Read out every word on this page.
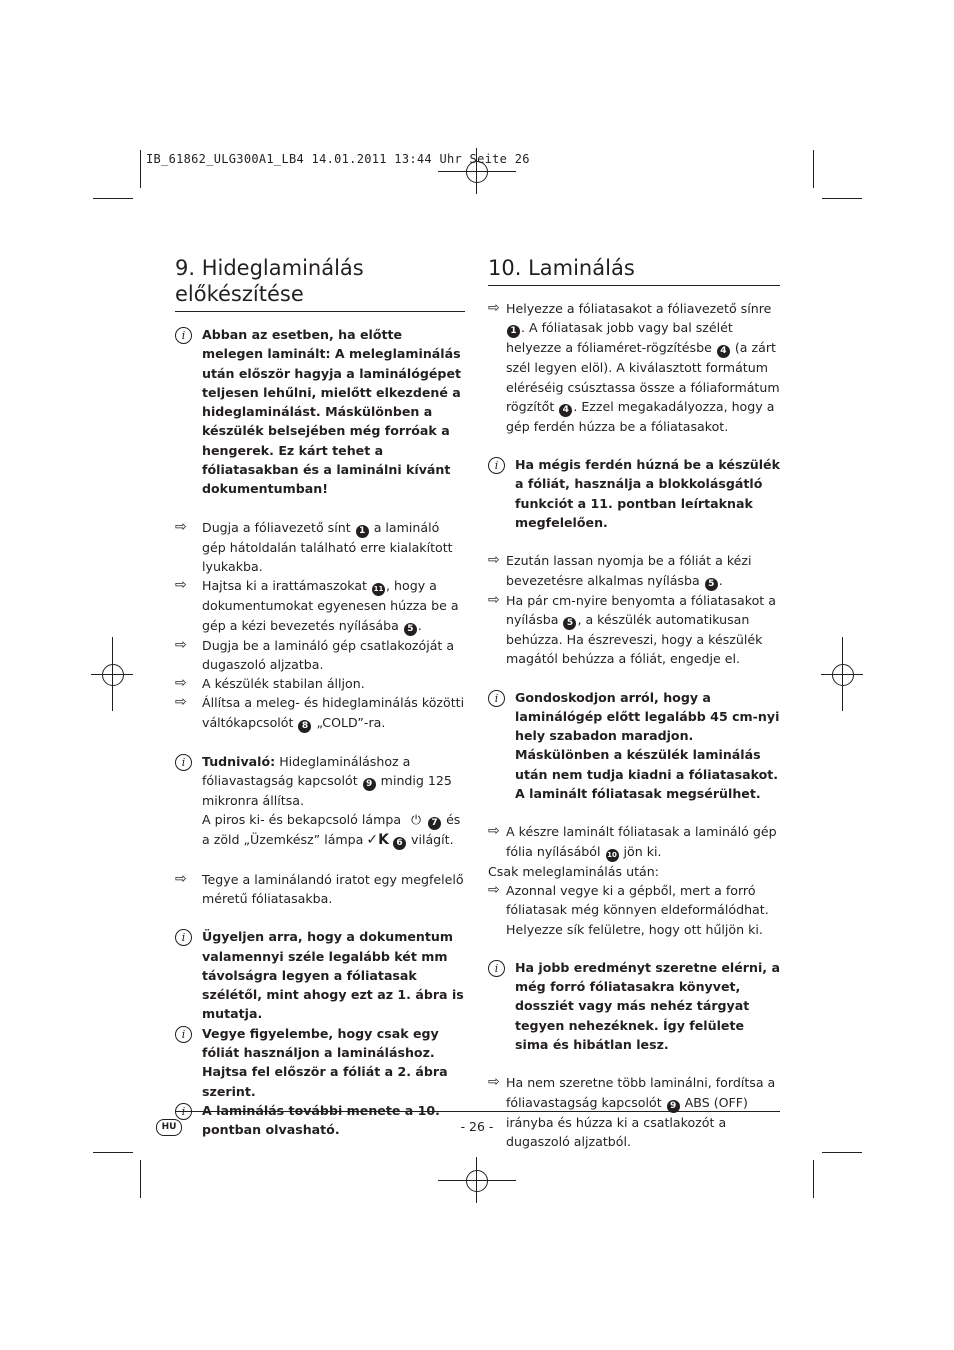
IB_61862_ULG300A1_LB4 14.01.2011 13:44 Uhr Seite 26
9. Hideglaminálás előkészítése
i	Abban az esetben, ha előtte melegen laminált: A meleglaminálás után először hagyja a laminálógépet teljesen lehűlni, mielőtt elkezdené a hideglaminálást. Máskülönben a készülék belsejében még forróak a hengerek. Ez kárt tehet a fóliatasakban és a laminálni kívánt dokumentumban!
⇨ Dugja a fóliavezető sínt 1 a lamináló gép hátoldalán található erre kialakított lyukakba.
⇨ Hajtsa ki a irattámaszokat 11 , hogy a dokumentumokat egyenesen húzza be a gép a kézi bevezetés nyílásába 5 .
⇨ Dugja be a lamináló gép csatlakozóját a dugaszoló aljzatba.
⇨ A készülék stabilan álljon.
⇨ Állítsa a meleg- és hideglaminálás közötti váltókapcsolót 8 „COLD”-ra.
i	Tudnivaló: Hideglamináláshoz a fóliavastagság kapcsolót 9 mindig 125 mikronra állítsa.
A piros ki- és bekapcsoló lámpa ⏻ 7 és a zöld „Üzemkész” lámpa ✓K 6 világít.
⇨ Tegye a laminálandó iratot egy megfelelő méretű fóliatasakba.
i	Ügyeljen arra, hogy a dokumentum valamennyi széle legalább két mm távolságra legyen a fóliatasak szélétől, mint ahogy ezt az 1. ábra is mutatja.
i	Vegye figyelembe, hogy csak egy fóliát használjon a lamináláshoz. Hajtsa fel először a fóliát a 2. ábra szerint.
pontban olvasható.
10. Laminálás
⇨ Helyezze a fóliatasakot a fóliavezető sínre 1 . A fóliatasak jobb vagy bal szélét helyezze a fóliaméret-rögzítésbe 4 (a zárt szél legyen elöl). A kiválasztott formátum eléréséig csúsztassa össze a fóliaformátum rögzítőt 4 . Ezzel megakadályozza, hogy a gép ferdén húzza be a fóliatasakot.
i	Ha mégis ferdén húzná be a készülék a fóliát, használja a blokkolásgátló funkciót a 11. pontban leírtaknak megfelelően.
⇨ Ezután lassan nyomja be a fóliát a kézi bevezetésre alkalmas nyílásba 5 .
⇨ Ha pár cm-nyire benyomta a fóliatasakot a nyílásba 5 , a készülék automatikusan behúzza. Ha észreveszi, hogy a készülék magától behúzza a fóliát, engedje el.
i	Gondoskodjon arról, hogy a laminálógép előtt legalább 45 cm-nyi hely szabadon maradjon. Máskülönben a készülék laminálás után nem tudja kiadni a fóliatasakot. A laminált fóliatasak megsérülhet.
⇨ A készre laminált fóliatasak a lamináló gép fólia nyílásából 10 jön ki.
Csak meleglaminálás után:
⇨ Azonnal vegye ki a gépből, mert a forró fóliatasak még könnyen eldeformálódhat. Helyezze sík felületre, hogy ott hűljön ki.
i	Ha jobb eredményt szeretne elérni, a még forró fóliatasakra könyvet, dossziét vagy más nehéz tárgyat tegyen nehezéknek. Így felülete sima és hibátlan lesz.
⇨ Ha nem szeretne több laminálni, fordítsa a fóliavastagság kapcsolót 9 ABS (OFF) irányba és húzza ki a csatlakozót a dugaszoló aljzatból.
HU	- 26 -
